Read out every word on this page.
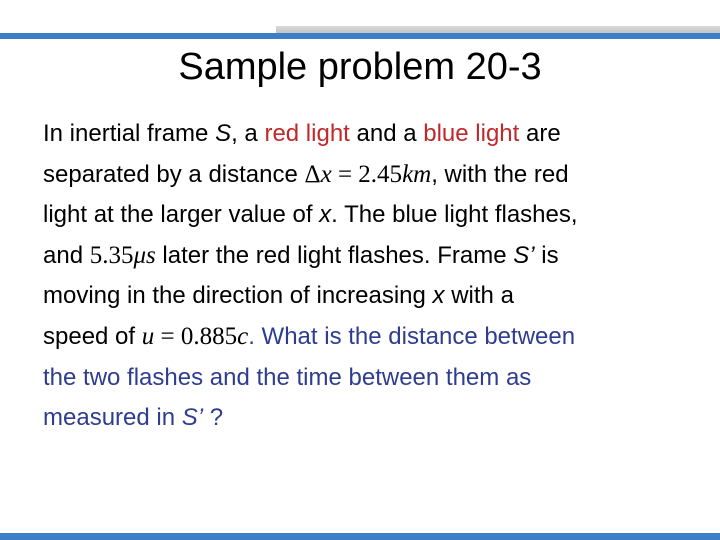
Sample problem 20-3
In inertial frame S, a red light and a blue light are
separated by a distance Δx = 2.45km, with the red
light at the larger value of x. The blue light flashes,
and 5.35μs later the red light flashes. Frame S’ is
moving in the direction of increasing x with a
speed of u = 0.885c. What is the distance between
the two flashes and the time between them as
measured in S’ ?
